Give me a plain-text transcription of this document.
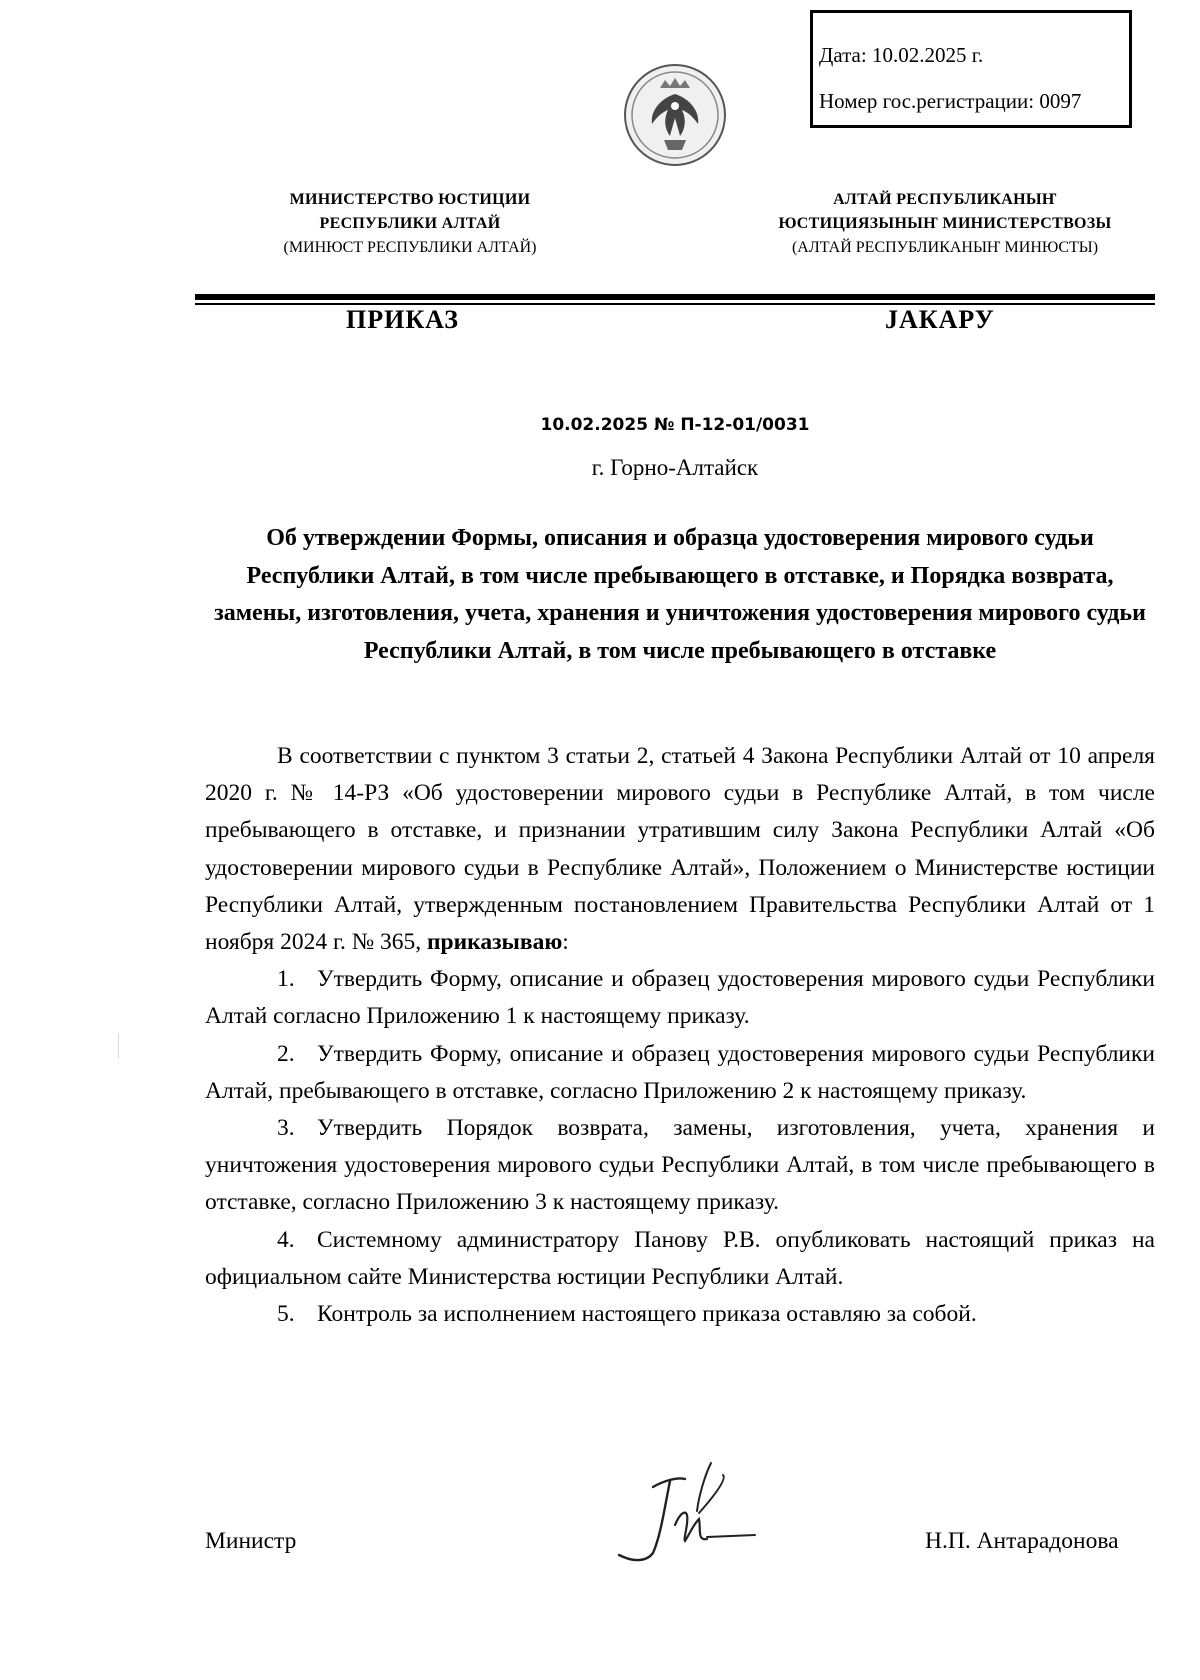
Дата: 10.02.2025 г.
Номер гос.регистрации: 0097
МИНИСТЕРСТВО ЮСТИЦИИ
РЕСПУБЛИКИ АЛТАЙ
(МИНЮСТ РЕСПУБЛИКИ АЛТАЙ)
АЛТАЙ РЕСПУБЛИКАНЫҤ
ЮСТИЦИЯЗЫНЫҤ МИНИСТЕРСТВОЗЫ
(АЛТАЙ РЕСПУБЛИКАНЫҤ МИНЮСТЫ)
ПРИКАЗ	ЈАКАРУ
10.02.2025 № П-12-01/0031
г. Горно-Алтайск
Об утверждении Формы, описания и образца удостоверения мирового судьи Республики Алтай, в том числе пребывающего в отставке, и Порядка возврата, замены, изготовления, учета, хранения и уничтожения удостоверения мирового судьи Республики Алтай, в том числе пребывающего в отставке

В соответствии с пунктом 3 статьи 2, статьей 4 Закона Республики Алтай от 10 апреля 2020 г. № 14-РЗ «Об удостоверении мирового судьи в Республике Алтай, в том числе пребывающего в отставке, и признании утратившим силу Закона Республики Алтай «Об удостоверении мирового судьи в Республике Алтай», Положением о Министерстве юстиции Республики Алтай, утвержденным постановлением Правительства Республики Алтай от 1 ноября 2024 г. № 365, приказываю:

1. Утвердить Форму, описание и образец удостоверения мирового судьи Республики Алтай согласно Приложению 1 к настоящему приказу.
2. Утвердить Форму, описание и образец удостоверения мирового судьи Республики Алтай, пребывающего в отставке, согласно Приложению 2 к настоящему приказу.
3. Утвердить Порядок возврата, замены, изготовления, учета, хранения и уничтожения удостоверения мирового судьи Республики Алтай, в том числе пребывающего в отставке, согласно Приложению 3 к настоящему приказу.
4. Системному администратору Панову Р.В. опубликовать настоящий приказ на официальном сайте Министерства юстиции Республики Алтай.
5. Контроль за исполнением настоящего приказа оставляю за собой.
Министр	Н.П. Антарадонова
